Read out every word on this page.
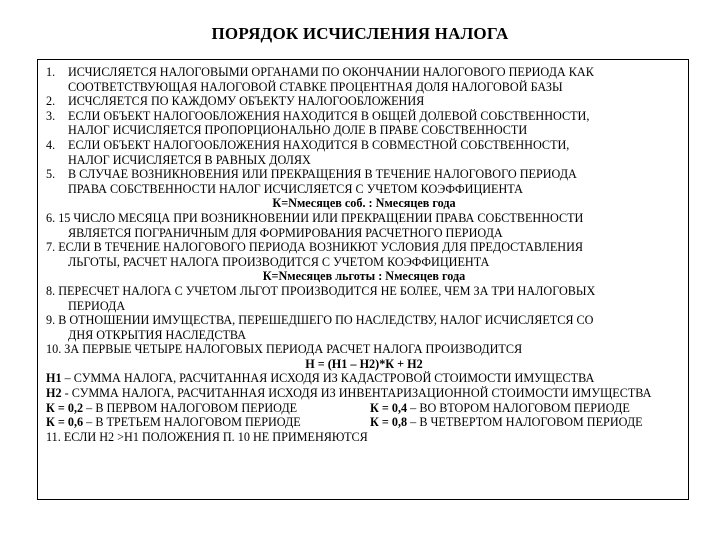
ПОРЯДОК ИСЧИСЛЕНИЯ НАЛОГА
1.	ИСЧИСЛЯЕТСЯ НАЛОГОВЫМИ ОРГАНАМИ ПО ОКОНЧАНИИ НАЛОГОВОГО ПЕРИОДА КАК
СООТВЕТСТВУЮЩАЯ НАЛОГОВОЙ СТАВКЕ ПРОЦЕНТНАЯ ДОЛЯ НАЛОГОВОЙ БАЗЫ
2.	ИСЧСЛЯЕТСЯ ПО КАЖДОМУ ОБЪЕКТУ НАЛОГООБЛОЖЕНИЯ
3.	ЕСЛИ ОБЪЕКТ НАЛОГООБЛОЖЕНИЯ НАХОДИТСЯ В ОБЩЕЙ ДОЛЕВОЙ СОБСТВЕННОСТИ,
НАЛОГ ИСЧИСЛЯЕТСЯ ПРОПОРЦИОНАЛЬНО ДОЛЕ В ПРАВЕ СОБСТВЕННОСТИ
4.	ЕСЛИ ОБЪЕКТ НАЛОГООБЛОЖЕНИЯ НАХОДИТСЯ В СОВМЕСТНОЙ СОБСТВЕННОСТИ,
НАЛОГ ИСЧИСЛЯЕТСЯ В РАВНЫХ ДОЛЯХ
5.	В СЛУЧАЕ ВОЗНИКНОВЕНИЯ ИЛИ ПРЕКРАЩЕНИЯ В ТЕЧЕНИЕ НАЛОГОВОГО ПЕРИОДА
ПРАВА СОБСТВЕННОСТИ НАЛОГ ИСЧИСЛЯЕТСЯ С УЧЕТОМ КОЭФФИЦИЕНТА
К=Nмесяцев соб. : Nмесяцев года
6. 15 ЧИСЛО МЕСЯЦА ПРИ ВОЗНИКНОВЕНИИ ИЛИ ПРЕКРАЩЕНИИ ПРАВА СОБСТВЕННОСТИ
ЯВЛЯЕТСЯ ПОГРАНИЧНЫМ ДЛЯ ФОРМИРОВАНИЯ РАСЧЕТНОГО ПЕРИОДА
7. ЕСЛИ В ТЕЧЕНИЕ НАЛОГОВОГО ПЕРИОДА ВОЗНИКЮТ УСЛОВИЯ ДЛЯ ПРЕДОСТАВЛЕНИЯ
ЛЬГОТЫ, РАСЧЕТ НАЛОГА ПРОИЗВОДИТСЯ С УЧЕТОМ КОЭФФИЦИЕНТА
К=Nмесяцев льготы : Nмесяцев года
8. ПЕРЕСЧЕТ НАЛОГА С УЧЕТОМ ЛЬГОТ ПРОИЗВОДИТСЯ НЕ БОЛЕЕ, ЧЕМ ЗА ТРИ НАЛОГОВЫХ
ПЕРИОДА
9. В ОТНОШЕНИИ ИМУЩЕСТВА, ПЕРЕШЕДШЕГО ПО НАСЛЕДСТВУ, НАЛОГ ИСЧИСЛЯЕТСЯ СО
ДНЯ ОТКРЫТИЯ НАСЛЕДСТВА
10. ЗА ПЕРВЫЕ ЧЕТЫРЕ НАЛОГОВЫХ ПЕРИОДА РАСЧЕТ НАЛОГА ПРОИЗВОДИТСЯ
Н = (Н1 – Н2)*К + Н2
Н1 – СУММА НАЛОГА, РАСЧИТАННАЯ ИСХОДЯ ИЗ КАДАСТРОВОЙ СТОИМОСТИ ИМУЩЕСТВА
Н2 - СУММА НАЛОГА, РАСЧИТАННАЯ ИСХОДЯ ИЗ ИНВЕНТАРИЗАЦИОННОЙ СТОИМОСТИ ИМУЩЕСТВА
К = 0,2 – В ПЕРВОМ НАЛОГОВОМ ПЕРИОДЕ	К = 0,4 – ВО ВТОРОМ НАЛОГОВОМ ПЕРИОДЕ
К = 0,6 – В ТРЕТЬЕМ НАЛОГОВОМ ПЕРИОДЕ	К = 0,8 – В ЧЕТВЕРТОМ НАЛОГОВОМ ПЕРИОДЕ
11. ЕСЛИ Н2 >Н1 ПОЛОЖЕНИЯ П. 10 НЕ ПРИМЕНЯЮТСЯ
